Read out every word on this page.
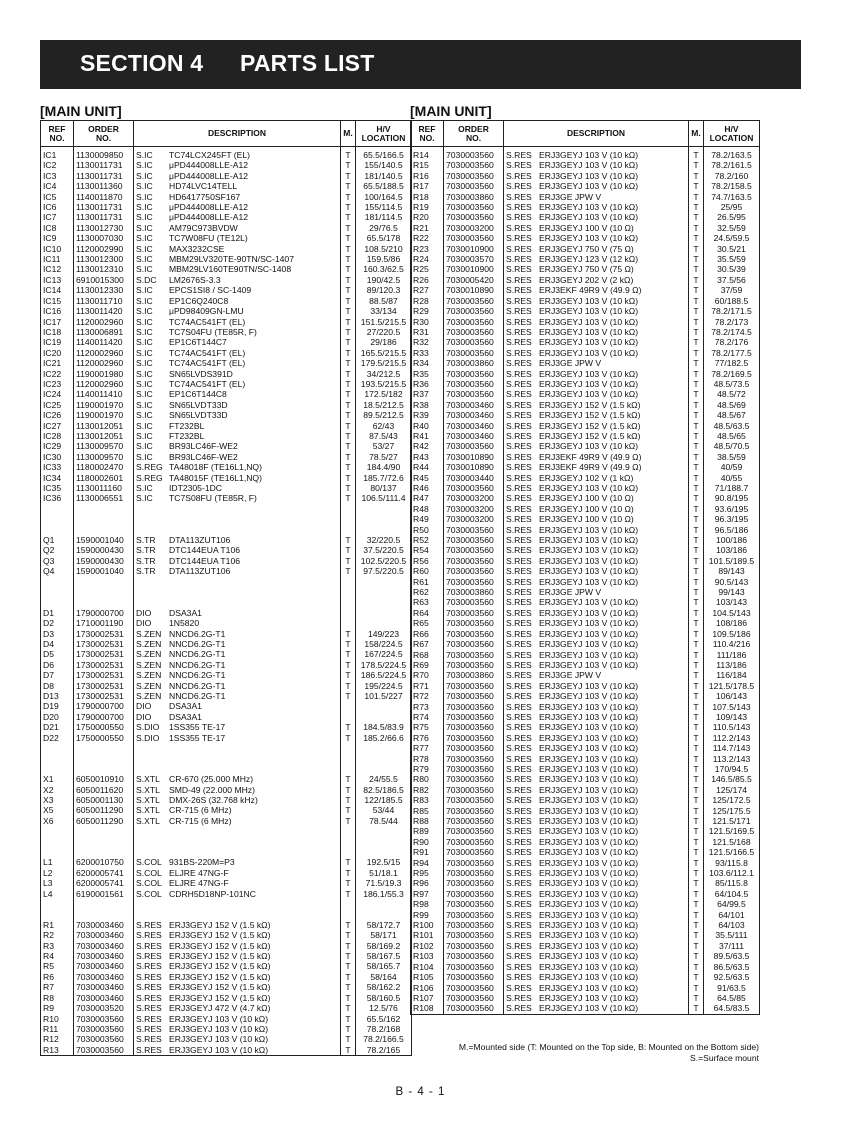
SECTION 4 PARTS LIST
[MAIN UNIT]
REF
NO.	ORDER
NO.	DESCRIPTION	M.	H/V
LOCATION
IC1	1130009850	S.IC TC74LCX245FT (EL)	T	65.5/166.5
IC2	1130011731	S.IC μPD444008LLE-A12	T	155/140.5
IC3	1130011731	S.IC μPD444008LLE-A12	T	181/140.5
IC4	1130011360	S.IC HD74LVC14TELL	T	65.5/188.5
IC5	1140011870	S.IC HD6417750SF167	T	100/164.5
IC6	1130011731	S.IC μPD444008LLE-A12	T	155/114.5
IC7	1130011731	S.IC μPD444008LLE-A12	T	181/114.5
IC8	1130012730	S.IC AM79C973BVDW	T	29/76.5
IC9	1130007030	S.IC TC7W08FU (TE12L)	T	65.5/178
IC10	1120002990	S.IC MAX3232CSE	T	108.5/210
IC11	1130012300	S.IC MBM29LV320TE-90TN/SC-1407	T	159.5/86
IC12	1130012310	S.IC MBM29LV160TE90TN/SC-1408	T	160.3/62.5
IC13	6910015300	S.DC LM2676S-3.3	T	190/42.5
IC14	1130012330	S.IC EPCS1SI8 / SC-1409	T	89/120.3
IC15	1130011710	S.IC EP1C6Q240C8	T	88.5/87
IC16	1130011420	S.IC μPD98409GN-LMU	T	33/134
IC17	1120002960	S.IC TC74AC541FT (EL)	T	151.5/215.5
IC18	1130006891	S.IC TC7S04FU (TE85R, F)	T	27/220.5
IC19	1140011420	S.IC EP1C6T144C7	T	29/186
IC20	1120002960	S.IC TC74AC541FT (EL)	T	165.5/215.5
IC21	1120002960	S.IC TC74AC541FT (EL)	T	179.5/215.5
IC22	1190001980	S.IC SN65LVDS391D	T	34/212.5
IC23	1120002960	S.IC TC74AC541FT (EL)	T	193.5/215.5
IC24	1140011410	S.IC EP1C6T144C8	T	172.5/182
IC25	1190001970	S.IC SN65LVDT33D	T	18.5/212.5
IC26	1190001970	S.IC SN65LVDT33D	T	89.5/212.5
IC27	1130012051	S.IC FT232BL	T	62/43
IC28	1130012051	S.IC FT232BL	T	87.5/43
IC29	1130009570	S.IC BR93LC46F-WE2	T	53/27
IC30	1130009570	S.IC BR93LC46F-WE2	T	78.5/27
IC33	1180002470	S.REG TA48018F (TE16L1,NQ)	T	184.4/90
IC34	1180002601	S.REG TA48015F (TE16L1,NQ)	T	185.7/72.6
IC35	1130011160	S.IC IDT2305-1DC	T	80/137
IC36	1130006551	S.IC TC7S08FU (TE85R, F)	T	106.5/111.4

Q1	1590001040	S.TR DTA113ZUT106	T	32/220.5
Q2	1590000430	S.TR DTC144EUA T106	T	37.5/220.5
Q3	1590000430	S.TR DTC144EUA T106	T	102.5/220.5
Q4	1590001040	S.TR DTA113ZUT106	T	97.5/220.5

D1	1790000700	DIO DSA3A1		

D2	1710001190	DIO 1N5820		

D3	1730002531	S.ZEN NNCD6.2G-T1	T	149/223
D4	1730002531	S.ZEN NNCD6.2G-T1	T	158/224.5
D5	1730002531	S.ZEN NNCD6.2G-T1	T	167/224.5
D6	1730002531	S.ZEN NNCD6.2G-T1	T	178.5/224.5
D7	1730002531	S.ZEN NNCD6.2G-T1	T	186.5/224.5
D8	1730002531	S.ZEN NNCD6.2G-T1	T	195/224.5
D13	1730002531	S.ZEN NNCD6.2G-T1	T	101.5/227
D19	1790000700	DIO DSA3A1		

D20	1790000700	DIO DSA3A1		

D21	1750000550	S.DIO 1SS355 TE-17	T	184.5/83.9
D22	1750000550	S.DIO 1SS355 TE-17	T	185.2/66.6

X1	6050010910	S.XTL CR-670 (25.000 MHz)	T	24/55.5
X2	6050011620	S.XTL SMD-49 (22.000 MHz)	T	82.5/186.5
X3	6050001130	S.XTL DMX-26S (32.768 kHz)	T	122/185.5
X5	6050011290	S.XTL CR-715 (6 MHz)	T	53/44
X6	6050011290	S.XTL CR-715 (6 MHz)	T	78.5/44

L1	6200010750	S.COL 931BS-220M=P3	T	192.5/15
L2	6200005741	S.COL ELJRE 47NG-F	T	51/18.1
L3	6200005741	S.COL ELJRE 47NG-F	T	71.5/19.3
L4	6190001561	S.COL CDRH5D18NP-101NC	T	186.1/55.3

R1	7030003460	S.RES ERJ3GEYJ 152 V (1.5 kΩ)	T	58/172.7
R2	7030003460	S.RES ERJ3GEYJ 152 V (1.5 kΩ)	T	58/171
R3	7030003460	S.RES ERJ3GEYJ 152 V (1.5 kΩ)	T	58/169.2
R4	7030003460	S.RES ERJ3GEYJ 152 V (1.5 kΩ)	T	58/167.5
R5	7030003460	S.RES ERJ3GEYJ 152 V (1.5 kΩ)	T	58/165.7
R6	7030003460	S.RES ERJ3GEYJ 152 V (1.5 kΩ)	T	58/164
R7	7030003460	S.RES ERJ3GEYJ 152 V (1.5 kΩ)	T	58/162.2
R8	7030003460	S.RES ERJ3GEYJ 152 V (1.5 kΩ)	T	58/160.5
R9	7030003520	S.RES ERJ3GEYJ 472 V (4.7 kΩ)	T	12.5/76
R10	7030003560	S.RES ERJ3GEYJ 103 V (10 kΩ)	T	65.5/162
R11	7030003560	S.RES ERJ3GEYJ 103 V (10 kΩ)	T	78.2/168
R12	7030003560	S.RES ERJ3GEYJ 103 V (10 kΩ)	T	78.2/166.5
R13	7030003560	S.RES ERJ3GEYJ 103 V (10 kΩ)	T	78.2/165
[MAIN UNIT]
REF
NO.	ORDER
NO.	DESCRIPTION	M.	H/V
LOCATION
R14	7030003560	S.RES ERJ3GEYJ 103 V (10 kΩ)	T	78.2/163.5
R15	7030003560	S.RES ERJ3GEYJ 103 V (10 kΩ)	T	78.2/161.5
R16	7030003560	S.RES ERJ3GEYJ 103 V (10 kΩ)	T	78.2/160
R17	7030003560	S.RES ERJ3GEYJ 103 V (10 kΩ)	T	78.2/158.5
R18	7030003860	S.RES ERJ3GE JPW V	T	74.7/163.5
R19	7030003560	S.RES ERJ3GEYJ 103 V (10 kΩ)	T	25/95
R20	7030003560	S.RES ERJ3GEYJ 103 V (10 kΩ)	T	26.5/95
R21	7030003200	S.RES ERJ3GEYJ 100 V (10 Ω)	T	32.5/59
R22	7030003560	S.RES ERJ3GEYJ 103 V (10 kΩ)	T	24.5/59.5
R23	7030010900	S.RES ERJ3GEYJ 750 V (75 Ω)	T	30.5/21
R24	7030003570	S.RES ERJ3GEYJ 123 V (12 kΩ)	T	35.5/59
R25	7030010900	S.RES ERJ3GEYJ 750 V (75 Ω)	T	30.5/39
R26	7030005420	S.RES ERJ3GEYJ 202 V (2 kΩ)	T	37.5/56
R27	7030010890	S.RES ERJ3EKF 49R9 V (49.9 Ω)	T	37/59
R28	7030003560	S.RES ERJ3GEYJ 103 V (10 kΩ)	T	60/188.5
R29	7030003560	S.RES ERJ3GEYJ 103 V (10 kΩ)	T	78.2/171.5
R30	7030003560	S.RES ERJ3GEYJ 103 V (10 kΩ)	T	78.2/173
R31	7030003560	S.RES ERJ3GEYJ 103 V (10 kΩ)	T	78.2/174.5
R32	7030003560	S.RES ERJ3GEYJ 103 V (10 kΩ)	T	78.2/176
R33	7030003560	S.RES ERJ3GEYJ 103 V (10 kΩ)	T	78.2/177.5
R34	7030003860	S.RES ERJ3GE JPW V	T	77/182.5
R35	7030003560	S.RES ERJ3GEYJ 103 V (10 kΩ)	T	78.2/169.5
R36	7030003560	S.RES ERJ3GEYJ 103 V (10 kΩ)	T	48.5/73.5
R37	7030003560	S.RES ERJ3GEYJ 103 V (10 kΩ)	T	48.5/72
R38	7030003460	S.RES ERJ3GEYJ 152 V (1.5 kΩ)	T	48.5/69
R39	7030003460	S.RES ERJ3GEYJ 152 V (1.5 kΩ)	T	48.5/67
R40	7030003460	S.RES ERJ3GEYJ 152 V (1.5 kΩ)	T	48.5/63.5
R41	7030003460	S.RES ERJ3GEYJ 152 V (1.5 kΩ)	T	48.5/65
R42	7030003560	S.RES ERJ3GEYJ 103 V (10 kΩ)	T	48.5/70.5
R43	7030010890	S.RES ERJ3EKF 49R9 V (49.9 Ω)	T	38.5/59
R44	7030010890	S.RES ERJ3EKF 49R9 V (49.9 Ω)	T	40/59
R45	7030003440	S.RES ERJ3GEYJ 102 V (1 kΩ)	T	40/55
R46	7030003560	S.RES ERJ3GEYJ 103 V (10 kΩ)	T	71/188.7
R47	7030003200	S.RES ERJ3GEYJ 100 V (10 Ω)	T	90.8/195
R48	7030003200	S.RES ERJ3GEYJ 100 V (10 Ω)	T	93.6/195
R49	7030003200	S.RES ERJ3GEYJ 100 V (10 Ω)	T	96.3/195
R50	7030003560	S.RES ERJ3GEYJ 103 V (10 kΩ)	T	96.5/186
R52	7030003560	S.RES ERJ3GEYJ 103 V (10 kΩ)	T	100/186
R54	7030003560	S.RES ERJ3GEYJ 103 V (10 kΩ)	T	103/186
R56	7030003560	S.RES ERJ3GEYJ 103 V (10 kΩ)	T	101.5/189.5
R60	7030003560	S.RES ERJ3GEYJ 103 V (10 kΩ)	T	89/143
R61	7030003560	S.RES ERJ3GEYJ 103 V (10 kΩ)	T	90.5/143
R62	7030003860	S.RES ERJ3GE JPW V	T	99/143
R63	7030003560	S.RES ERJ3GEYJ 103 V (10 kΩ)	T	103/143
R64	7030003560	S.RES ERJ3GEYJ 103 V (10 kΩ)	T	104.5/143
R65	7030003560	S.RES ERJ3GEYJ 103 V (10 kΩ)	T	108/186
R66	7030003560	S.RES ERJ3GEYJ 103 V (10 kΩ)	T	109.5/186
R67	7030003560	S.RES ERJ3GEYJ 103 V (10 kΩ)	T	110.4/216
R68	7030003560	S.RES ERJ3GEYJ 103 V (10 kΩ)	T	111/186
R69	7030003560	S.RES ERJ3GEYJ 103 V (10 kΩ)	T	113/186
R70	7030003860	S.RES ERJ3GE JPW V	T	116/184
R71	7030003560	S.RES ERJ3GEYJ 103 V (10 kΩ)	T	121.5/178.5
R72	7030003560	S.RES ERJ3GEYJ 103 V (10 kΩ)	T	106/143
R73	7030003560	S.RES ERJ3GEYJ 103 V (10 kΩ)	T	107.5/143
R74	7030003560	S.RES ERJ3GEYJ 103 V (10 kΩ)	T	109/143
R75	7030003560	S.RES ERJ3GEYJ 103 V (10 kΩ)	T	110.5/143
R76	7030003560	S.RES ERJ3GEYJ 103 V (10 kΩ)	T	112.2/143
R77	7030003560	S.RES ERJ3GEYJ 103 V (10 kΩ)	T	114.7/143
R78	7030003560	S.RES ERJ3GEYJ 103 V (10 kΩ)	T	113.2/143
R79	7030003560	S.RES ERJ3GEYJ 103 V (10 kΩ)	T	170/94.5
R80	7030003560	S.RES ERJ3GEYJ 103 V (10 kΩ)	T	146.5/85.5
R82	7030003560	S.RES ERJ3GEYJ 103 V (10 kΩ)	T	125/174
R83	7030003560	S.RES ERJ3GEYJ 103 V (10 kΩ)	T	125/172.5
R85	7030003560	S.RES ERJ3GEYJ 103 V (10 kΩ)	T	125/175.5
R88	7030003560	S.RES ERJ3GEYJ 103 V (10 kΩ)	T	121.5/171
R89	7030003560	S.RES ERJ3GEYJ 103 V (10 kΩ)	T	121.5/169.5
R90	7030003560	S.RES ERJ3GEYJ 103 V (10 kΩ)	T	121.5/168
R91	7030003560	S.RES ERJ3GEYJ 103 V (10 kΩ)	T	121.5/166.5
R94	7030003560	S.RES ERJ3GEYJ 103 V (10 kΩ)	T	93/115.8
R95	7030003560	S.RES ERJ3GEYJ 103 V (10 kΩ)	T	103.6/112.1
R96	7030003560	S.RES ERJ3GEYJ 103 V (10 kΩ)	T	85/115.8
R97	7030003560	S.RES ERJ3GEYJ 103 V (10 kΩ)	T	64/104.5
R98	7030003560	S.RES ERJ3GEYJ 103 V (10 kΩ)	T	64/99.5
R99	7030003560	S.RES ERJ3GEYJ 103 V (10 kΩ)	T	64/101
R100	7030003560	S.RES ERJ3GEYJ 103 V (10 kΩ)	T	64/103
R101	7030003560	S.RES ERJ3GEYJ 103 V (10 kΩ)	T	35.5/111
R102	7030003560	S.RES ERJ3GEYJ 103 V (10 kΩ)	T	37/111
R103	7030003560	S.RES ERJ3GEYJ 103 V (10 kΩ)	T	89.5/63.5
R104	7030003560	S.RES ERJ3GEYJ 103 V (10 kΩ)	T	86.5/63.5
R105	7030003560	S.RES ERJ3GEYJ 103 V (10 kΩ)	T	92.5/63.5
R106	7030003560	S.RES ERJ3GEYJ 103 V (10 kΩ)	T	91/63.5
R107	7030003560	S.RES ERJ3GEYJ 103 V (10 kΩ)	T	64.5/85
R108	7030003560	S.RES ERJ3GEYJ 103 V (10 kΩ)	T	64.5/83.5
M.=Mounted side (T: Mounted on the Top side, B: Mounted on the Bottom side)
S.=Surface mount
B - 4 - 1
